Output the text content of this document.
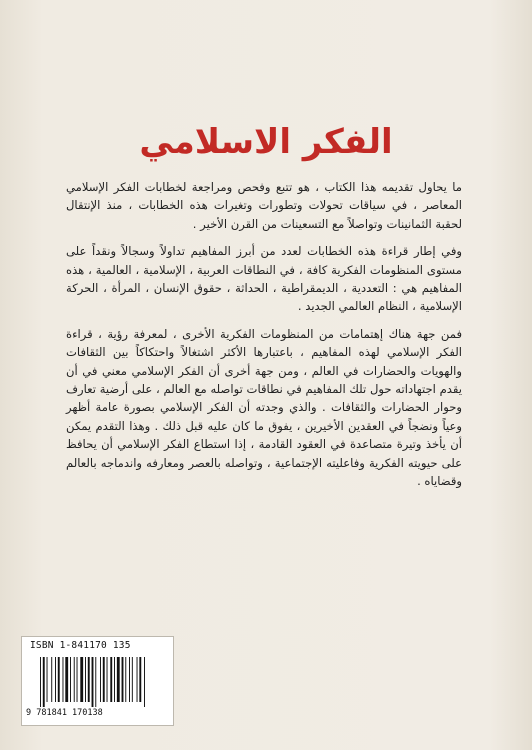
الفكر الاسلامي

ما يحاول تقديمه هذا الكتاب ، هو تتبع وفحص ومراجعة لخطابات الفكر الإسلامي المعاصر ، في سياقات تحولات وتطورات وتغيرات هذه الخطابات ، منذ الإنتقال لحقبة الثمانينات وتواصلاً مع التسعينات من القرن الأخير .

وفي إطار قراءة هذه الخطابات لعدد من أبرز المفاهيم تداولاً وسجالاً ونقداً على مستوى المنظومات الفكرية كافة ، في النطاقات العربية ، الإسلامية ، العالمية ، هذه المفاهيم هي : التعددية ، الديمقراطية ، الحداثة ، حقوق الإنسان ، المرأة ، الحركة الإسلامية ، النظام العالمي الجديد .

فمن جهة هناك إهتمامات من المنظومات الفكرية الأخرى ، لمعرفة رؤية ، قراءة الفكر الإسلامي لهذه المفاهيم ، باعتبارها الأكثر اشتغالاً واحتكاكاً بين الثقافات والهويات والحضارات في العالم ، ومن جهة أخرى أن الفكر الإسلامي معني في أن يقدم اجتهاداته حول تلك المفاهيم في نطاقات تواصله مع العالم ، على أرضية تعارف وحوار الحضارات والثقافات . والذي وجدته أن الفكر الإسلامي بصورة عامة أظهر وعياً ونضجاً في العقدين الأخيرين ، يفوق ما كان عليه قبل ذلك . وهذا التقدم يمكن أن يأخذ وتيرة متصاعدة في العقود القادمة ، إذا استطاع الفكر الإسلامي أن يحافظ على حيويته الفكرية وفاعليته الإجتماعية ، وتواصله بالعصر ومعارفه واندماجه بالعالم وقضاياه .

ISBN 1-841170 135
9 781841 170138
